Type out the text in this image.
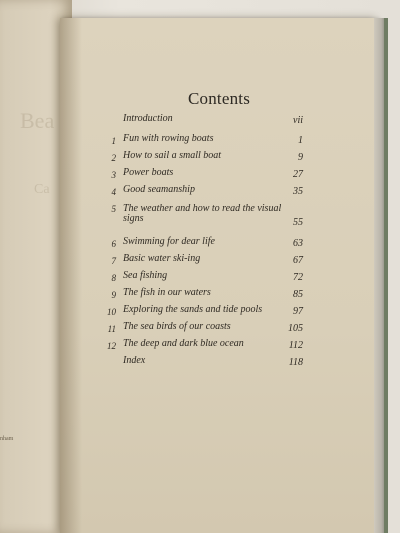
Bea
Ca
nham
Contents
Introduction	vii
1 Fun with rowing boats	1
2 How to sail a small boat	9
3 Power boats	27
4 Good seamanship	35
5 The weather and how to read the visual signs	55
6 Swimming for dear life	63
7 Basic water ski-ing	67
8 Sea fishing	72
9 The fish in our waters	85
10 Exploring the sands and tide pools	97
11 The sea birds of our coasts	105
12 The deep and dark blue ocean	112
Index	118
